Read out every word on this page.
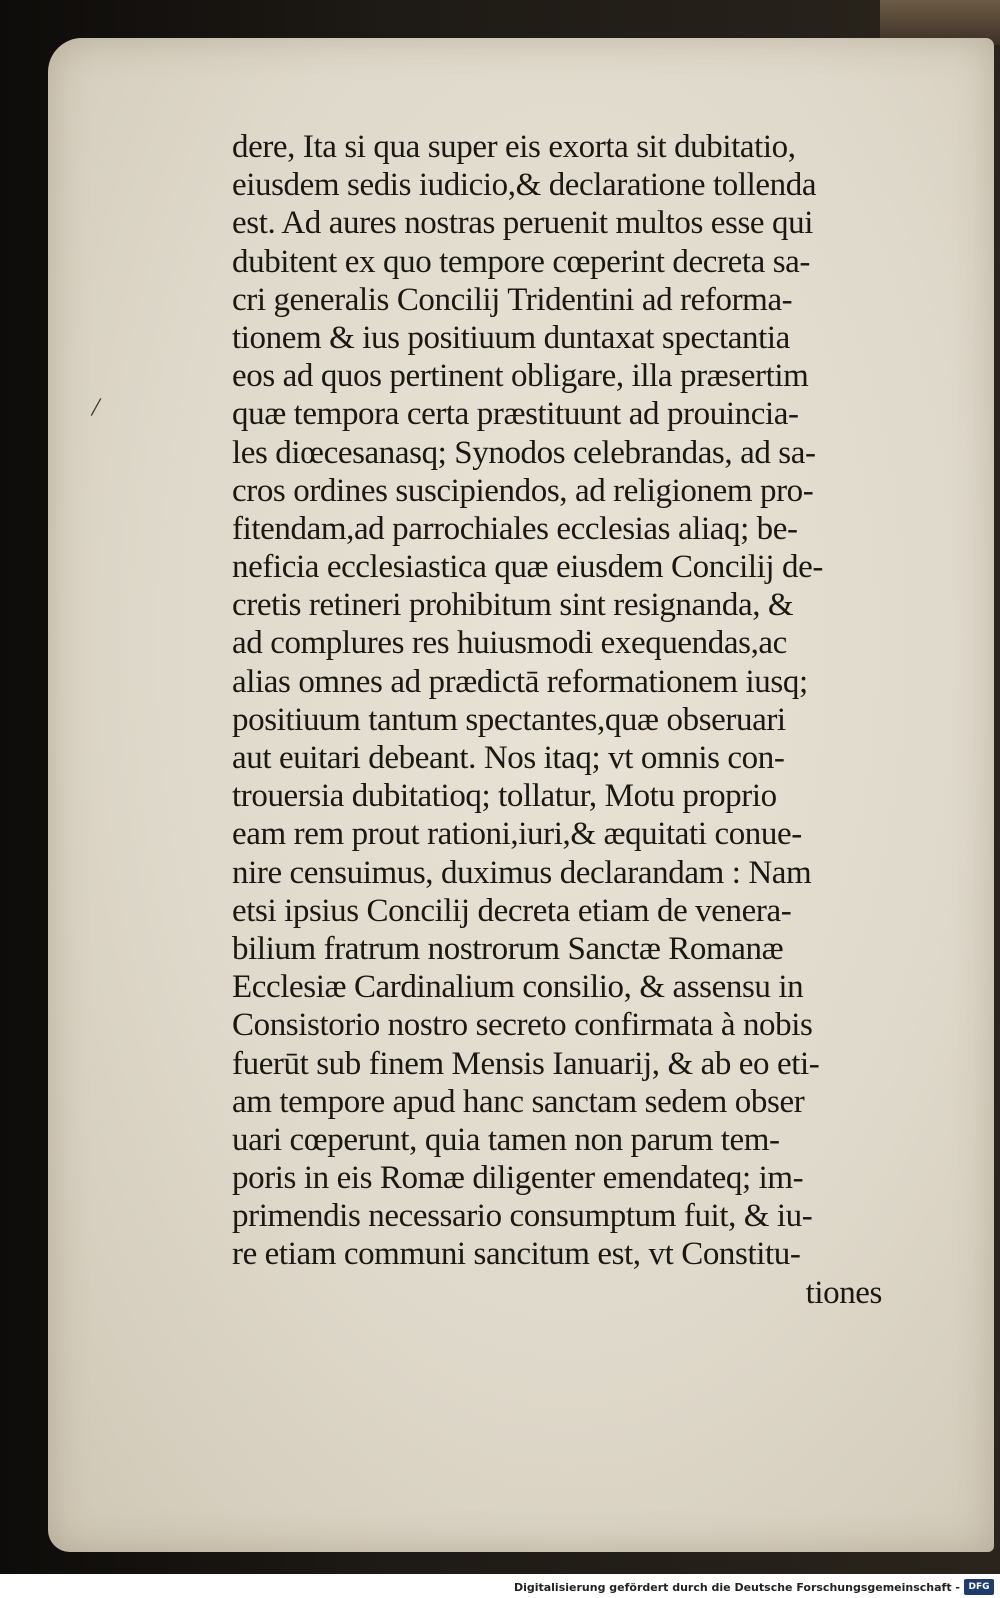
/
dere, Ita si qua super eis exorta sit dubitatio,
eiusdem sedis iudicio,& declaratione tollenda
est. Ad aures nostras peruenit multos esse qui
dubitent ex quo tempore cœperint decreta sa-
cri generalis Concilij Tridentini ad reforma-
tionem & ius positiuum duntaxat spectantia
eos ad quos pertinent obligare, illa præsertim
quæ tempora certa præstituunt ad prouincia-
les diœcesanasq; Synodos celebrandas, ad sa-
cros ordines suscipiendos, ad religionem pro-
fitendam,ad parrochiales ecclesias aliaq; be-
neficia ecclesiastica quæ eiusdem Concilij de-
cretis retineri prohibitum sint resignanda, &
ad complures res huiusmodi exequendas,ac
alias omnes ad prædictā reformationem iusq;
positiuum tantum spectantes,quæ obseruari
aut euitari debeant. Nos itaq; vt omnis con-
trouersia dubitatioq; tollatur, Motu proprio
eam rem prout rationi,iuri,& æquitati conue-
nire censuimus, duximus declarandam : Nam
etsi ipsius Concilij decreta etiam de venera-
bilium fratrum nostrorum Sanctæ Romanæ
Ecclesiæ Cardinalium consilio, & assensu in
Consistorio nostro secreto confirmata à nobis
fuerūt sub finem Mensis Ianuarij, & ab eo eti-
am tempore apud hanc sanctam sedem obser
uari cœperunt, quia tamen non parum tem-
poris in eis Romæ diligenter emendateq; im-
primendis necessario consumptum fuit, & iu-
re etiam communi sancitum est, vt Constitu-
tiones
Digitalisierung gefördert durch die Deutsche Forschungsgemeinschaft - DFG
